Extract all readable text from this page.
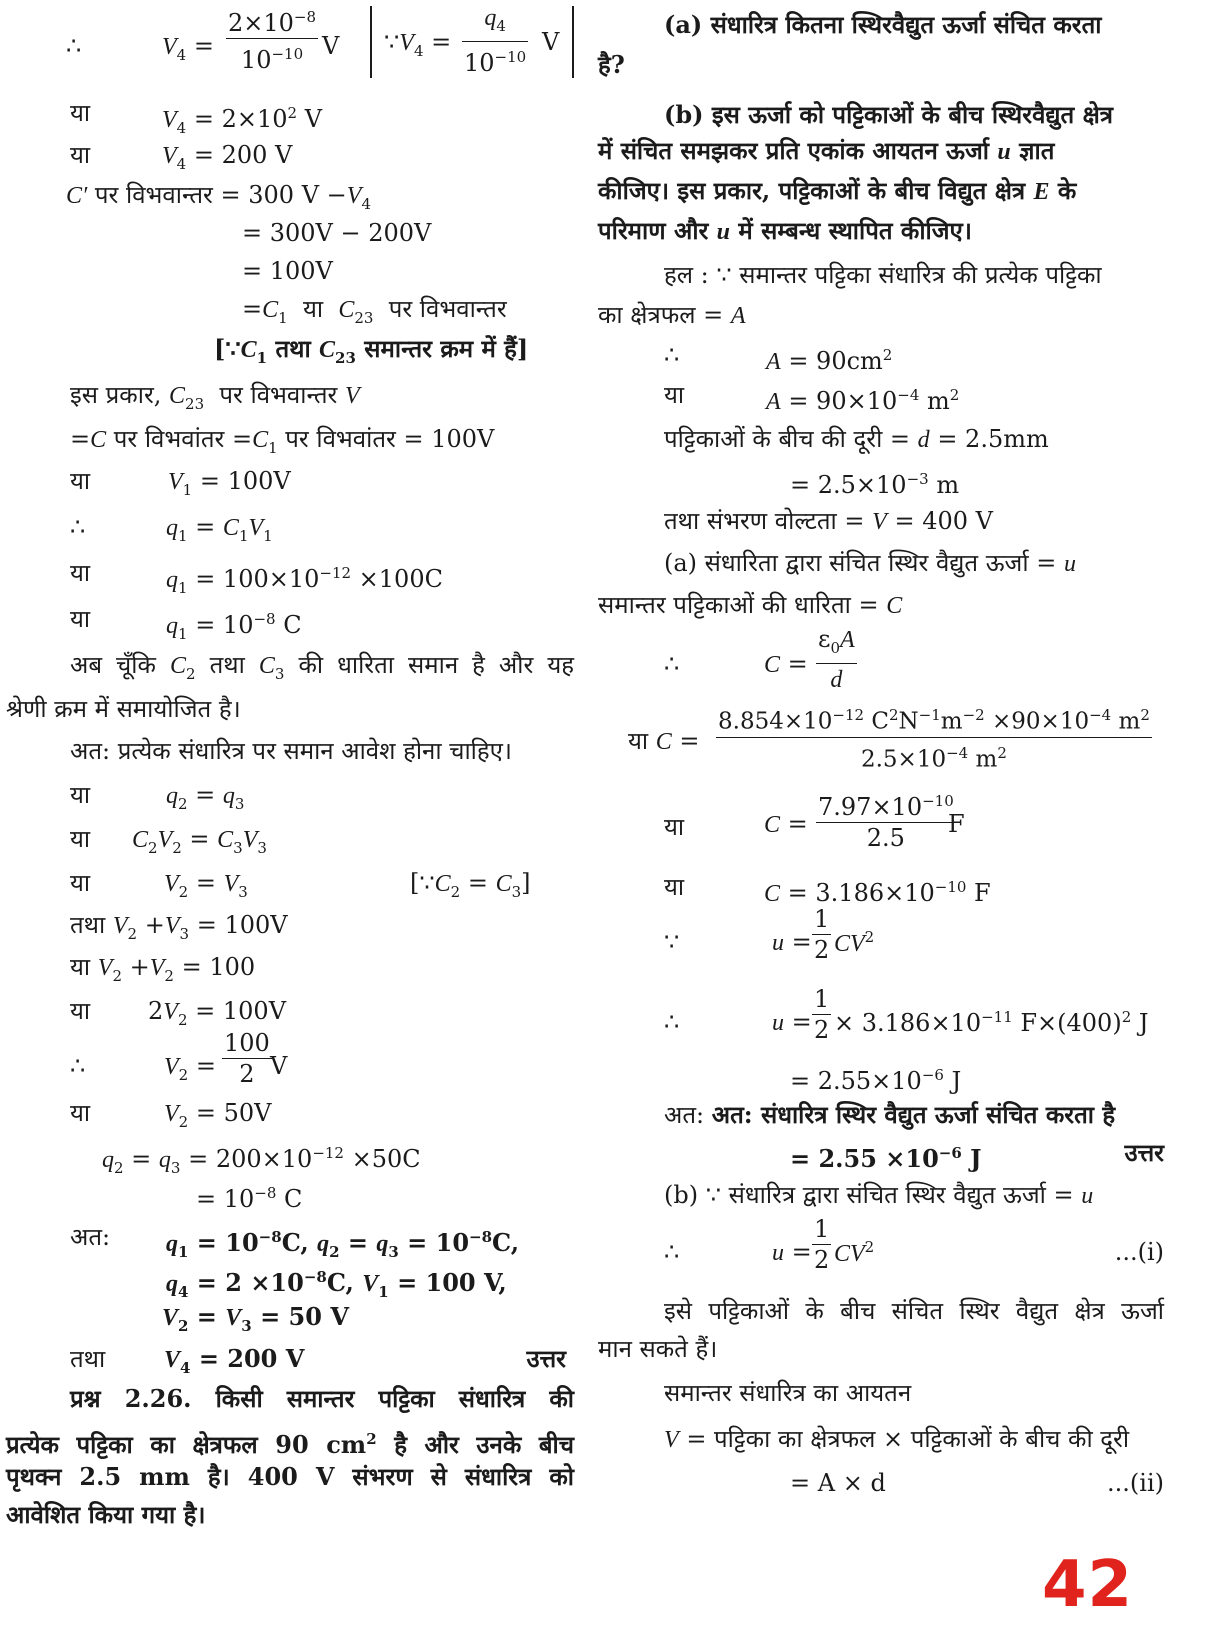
∴	$V_4 = \frac{2\times 10^{-8}}{10^{-10}}$ V $\because V_4 = \frac{q_4}{10^{-10}}$ V
या	$V_4 = 2\times 10^2$ V
या	$V_4 = 200$ V
C′ पर विभवान्तर = 300 $V -V_4$
= 300V − 200V
= 100V
$=C_1$ या $C_{23}$ पर विभवान्तर
[$\because C_1$ तथा $C_{23}$ समान्तर क्रम में हैं]
इस प्रकार, $C_{23}$ पर विभवान्तर V
=C पर विभवांतर $=C_1$ पर विभवांतर = 100V
या	$V_1 = 100V$
∴	$q_1 = C_1V_1$
या	$q_1 = 100\times 10^{-12} \times 100C$
या	$q_1 = 10^{-8}$ C
अब चूँकि $C_2$ तथा $C_3$ की धारिता समान है और यह
श्रेणी क्रम में समायोजित है।
अत: प्रत्येक संधारित्र पर समान आवेश होना चाहिए।
या	$q_2 = q_3$
या $C_2V_2 = C_3V_3$
या	$V_2 = V_3$	$[\because C_2 = C_3]$
तथा $V_2 +V_3 = 100V$
या $V_2 +V_2 = 100$
या $2V_2 = 100V$
∴	$V_2 = \frac{100}{2}$
V
या	$V_2 = 50V$
$q_2 = q_3 = 200\times 10^{-12} \times 50C$
= $10^{-8}$ C
अत: $q_1 = 10^{-8}C$, $q_2 = q_3 = 10^{-8}C$,
$q_4 = 2 \times 10^{-8}C$, $V_1 = 100$ V,
$V_2 = V_3 = 50$ V
तथा $V_4 = 200$ V	उत्तर
प्रश्न 2.26. किसी समान्तर पट्टिका संधारित्र की
प्रत्येक पट्टिका का क्षेत्रफल 90 $cm^2$ है और उनके बीच
पृथक्न 2.5 mm है। 400 V संभरण से संधारित्र को
आवेशित किया गया है।
(a) संधारित्र कितना स्थिरवैद्युत ऊर्जा संचित करता
है?
(b) इस ऊर्जा को पट्टिकाओं के बीच स्थिरवैद्युत क्षेत्र
में संचित समझकर प्रति एकांक आयतन ऊर्जा u ज्ञात
कीजिए। इस प्रकार, पट्टिकाओं के बीच विद्युत क्षेत्र E के
परिमाण और u में सम्बन्ध स्थापित कीजिए।
हल : ∵ समान्तर पट्टिका संधारित्र की प्रत्येक पट्टिका
का क्षेत्रफल = A
∴	$A = 90cm^2$
या	$A = 90\times 10^{-4}$ $m^2$
पट्टिकाओं के बीच की दूरी = d = 2.5mm
= $2.5\times 10^{-3}$ m
तथा संभरण वोल्टता = V = 400 V
(a) संधारिता द्वारा संचित स्थिर वैद्युत ऊर्जा = u
समान्तर पट्टिकाओं की धारिता = C
∴	$C = \frac{\varepsilon_0A}{d}$
या $C = \frac{8.854\times 10^{-12} C^2N^{-1}m^{-2} \times 90\times 10^{-4} m^2}{2.5\times 10^{-4} m^2}$
या	$C = \frac{7.97\times 10^{-10}}{2.5}$
F
या	$C = 3.186\times 10^{-10}$ F
∵	$u = \frac{1}{2} CV^2$
∴	$u = \frac{1}{2} \times 3.186\times 10^{-11}$ $F\times(400)^2$ J
= $2.55\times 10^{-6}$ J
अत: अत: संधारित्र स्थिर वैद्युत ऊर्जा संचित करता है
= $2.55 \times 10^{-6}$ J	उत्तर
(b) ∵ संधारित्र द्वारा संचित स्थिर वैद्युत ऊर्जा = u
∴	$u = \frac{1}{2} CV^2$	...(i)
इसे पट्टिकाओं के बीच संचित स्थिर वैद्युत क्षेत्र ऊर्जा
मान सकते हैं।
समान्तर संधारित्र का आयतन
V = पट्टिका का क्षेत्रफल × पट्टिकाओं के बीच की दूरी
= A × d	...(ii)
42
